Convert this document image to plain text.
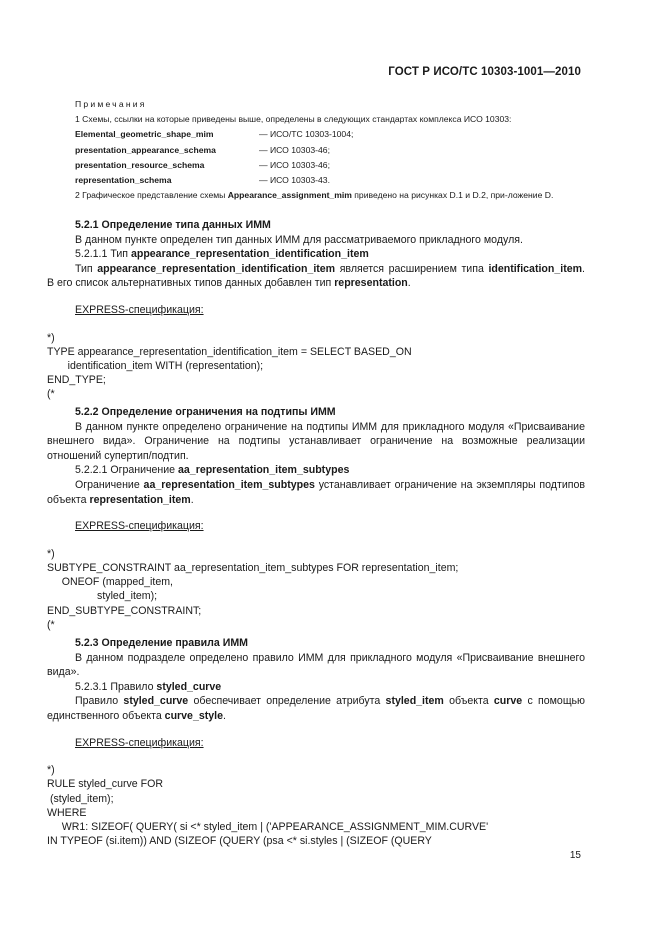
ГОСТ Р ИСО/ТС 10303-1001—2010
Примечания
1 Схемы, ссылки на которые приведены выше, определены в следующих стандартах комплекса ИСО 10303:
Elemental_geometric_shape_mim	— ИСО/ТС 10303-1004;
presentation_appearance_schema	— ИСО 10303-46;
presentation_resource_schema	— ИСО 10303-46;
representation_schema	— ИСО 10303-43.
2 Графическое представление схемы Appearance_assignment_mim приведено на рисунках D.1 и D.2, при-ложение D.
5.2.1 Определение типа данных ИММ
В данном пункте определен тип данных ИММ для рассматриваемого прикладного модуля.
5.2.1.1 Тип appearance_representation_identification_item
Тип appearance_representation_identification_item является расширением типа identification_item. В его список альтернативных типов данных добавлен тип representation.
EXPRESS-спецификация:
*)
TYPE appearance_representation_identification_item = SELECT BASED_ON
identification_item WITH (representation);
END_TYPE;
(*
5.2.2 Определение ограничения на подтипы ИММ
В данном пункте определено ограничение на подтипы ИММ для прикладного модуля «Присваивание внешнего вида». Ограничение на подтипы устанавливает ограничение на возможные реализации отношений супертип/подтип.
5.2.2.1 Ограничение aa_representation_item_subtypes
Ограничение aa_representation_item_subtypes устанавливает ограничение на экземпляры подтипов объекта representation_item.
EXPRESS-спецификация:
*)
SUBTYPE_CONSTRAINT aa_representation_item_subtypes FOR representation_item;
ONEOF (mapped_item,
styled_item);
END_SUBTYPE_CONSTRAINT;
(*
5.2.3 Определение правила ИММ
В данном подразделе определено правило ИММ для прикладного модуля «Присваивание внешнего вида».
5.2.3.1 Правило styled_curve
Правило styled_curve обеспечивает определение атрибута styled_item объекта curve с помощью единственного объекта curve_style.
EXPRESS-спецификация:
*)
RULE styled_curve FOR
(styled_item);
WHERE
WR1: SIZEOF( QUERY( si <* styled_item | ('APPEARANCE_ASSIGNMENT_MIM.CURVE'
IN TYPEOF (si.item)) AND (SIZEOF (QUERY (psa <* si.styles | (SIZEOF (QUERY
15
